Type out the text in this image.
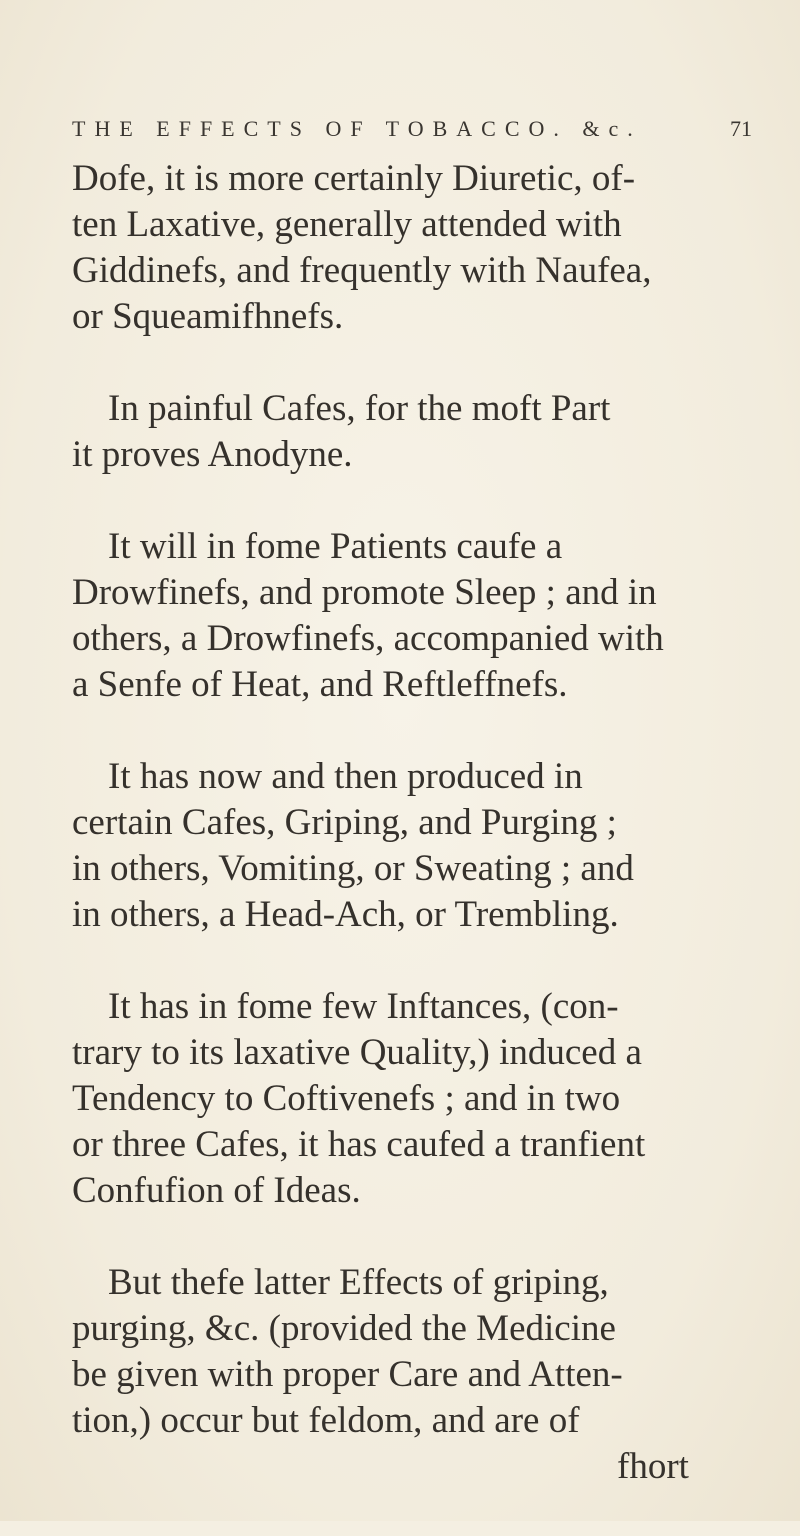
THE EFFECTS OF TOBACCO. &c.	71
Dofe, it is more certainly Diuretic, of-
ten Laxative, generally attended with
Giddinefs, and frequently with Naufea,
or Squeamifhnefs.
In painful Cafes, for the moft Part
it proves Anodyne.
It will in fome Patients caufe a
Drowfinefs, and promote Sleep ; and in
others, a Drowfinefs, accompanied with
a Senfe of Heat, and Reftleffnefs.
It has now and then produced in
certain Cafes, Griping, and Purging ;
in others, Vomiting, or Sweating ; and
in others, a Head-Ach, or Trembling.
It has in fome few Inftances, (con-
trary to its laxative Quality,) induced a
Tendency to Coftivenefs ; and in two
or three Cafes, it has caufed a tranfient
Confufion of Ideas.
But thefe latter Effects of griping,
purging, &c. (provided the Medicine
be given with proper Care and Atten-
tion,) occur but feldom, and are of
fhort
